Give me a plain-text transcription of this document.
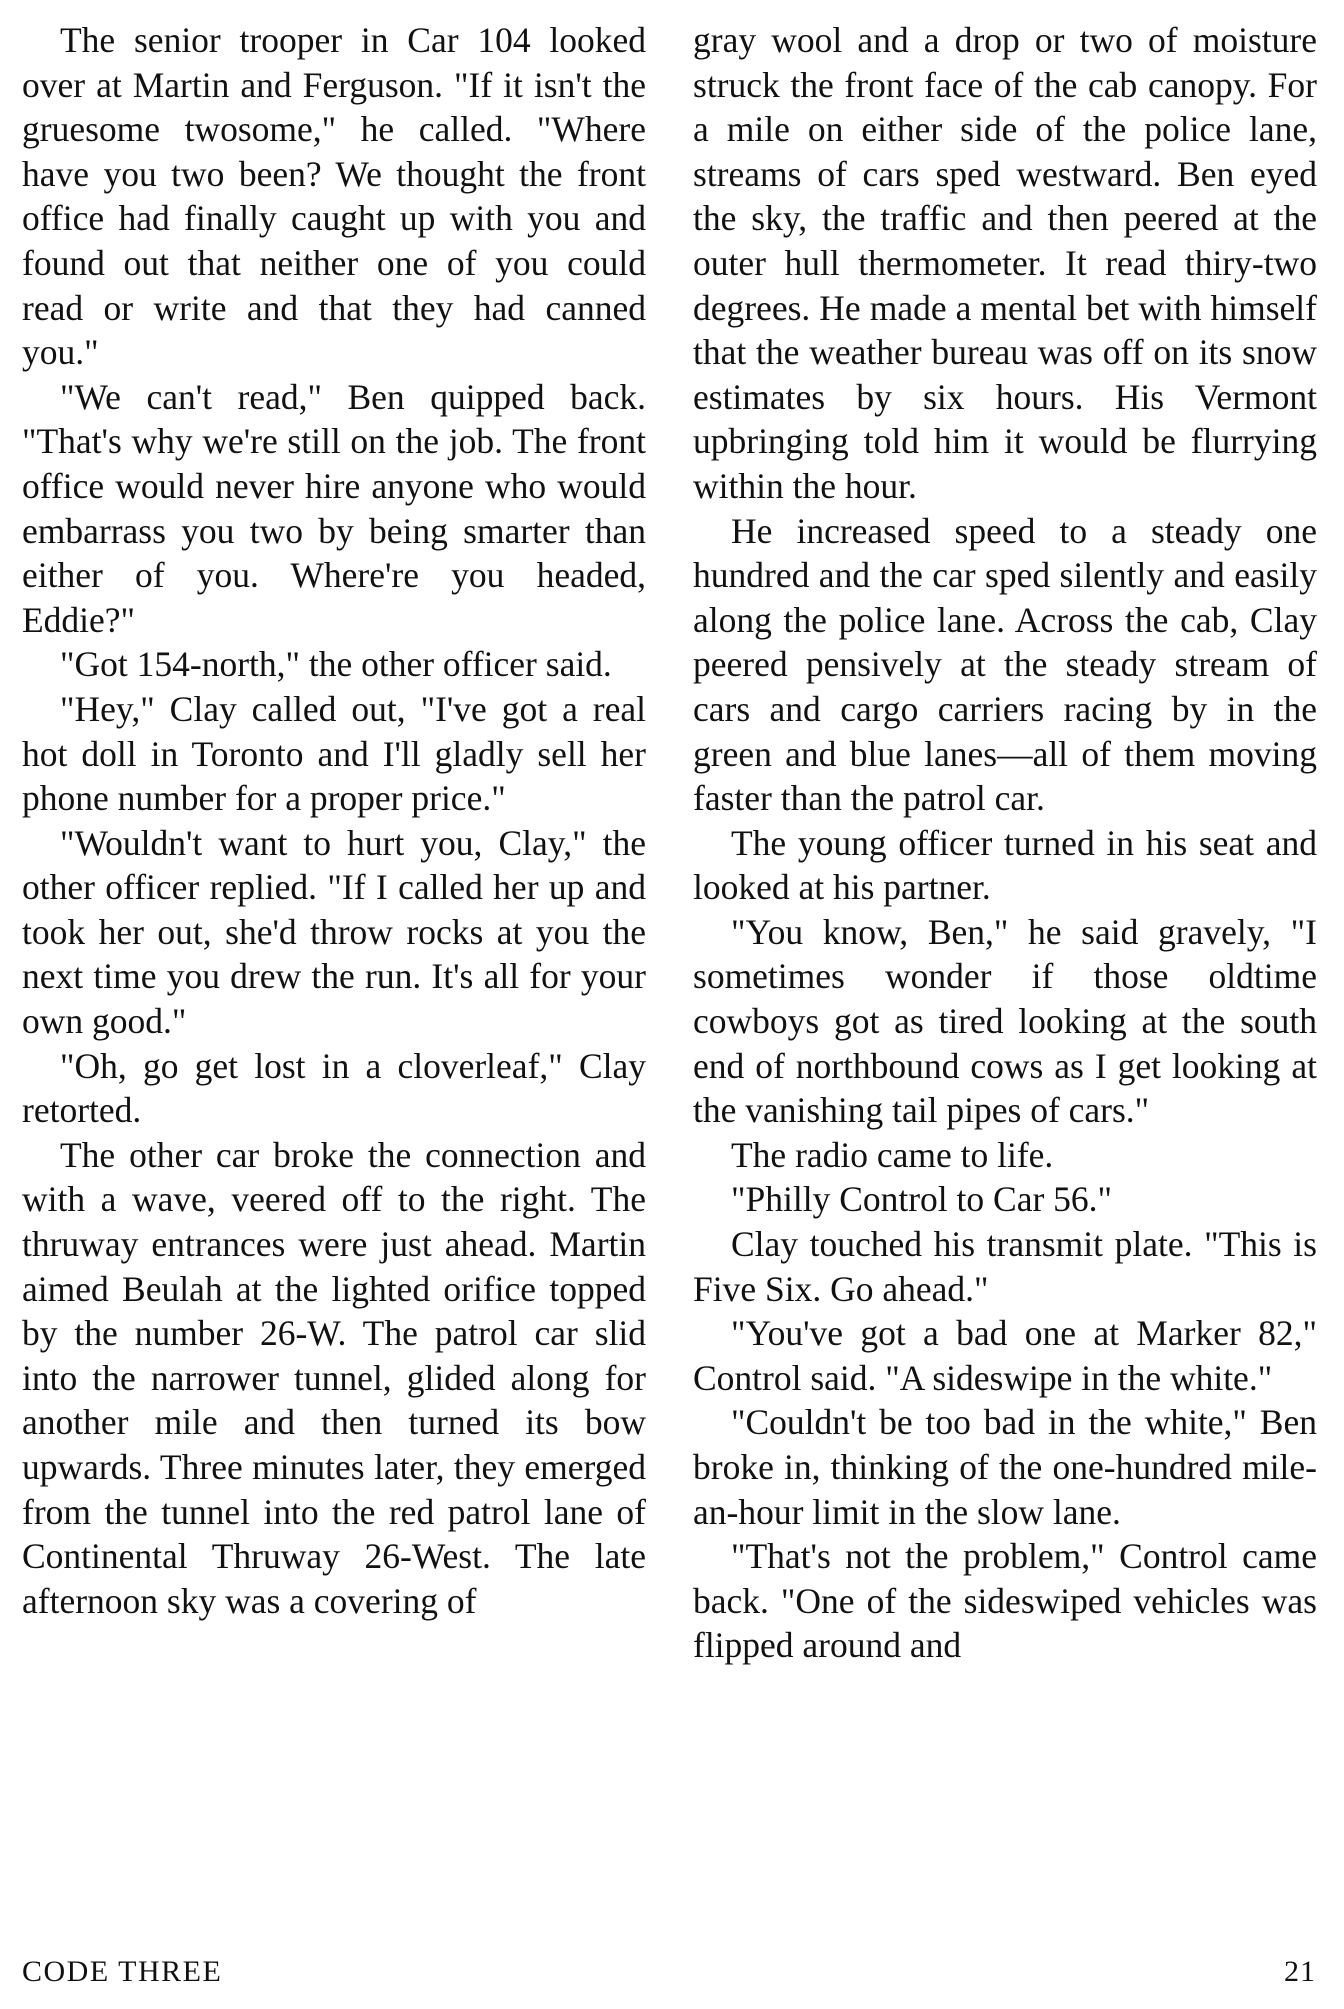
The senior trooper in Car 104 looked over at Martin and Ferguson. "If it isn't the gruesome twosome," he called. "Where have you two been? We thought the front office had finally caught up with you and found out that neither one of you could read or write and that they had canned you."

"We can't read," Ben quipped back. "That's why we're still on the job. The front office would never hire anyone who would embarrass you two by being smarter than either of you. Where're you headed, Eddie?"

"Got 154-north," the other officer said.

"Hey," Clay called out, "I've got a real hot doll in Toronto and I'll gladly sell her phone number for a proper price."

"Wouldn't want to hurt you, Clay," the other officer replied. "If I called her up and took her out, she'd throw rocks at you the next time you drew the run. It's all for your own good."

"Oh, go get lost in a cloverleaf," Clay retorted.

The other car broke the connection and with a wave, veered off to the right. The thruway entrances were just ahead. Martin aimed Beulah at the lighted orifice topped by the number 26-W. The patrol car slid into the narrower tunnel, glided along for another mile and then turned its bow upwards. Three minutes later, they emerged from the tunnel into the red patrol lane of Continental Thruway 26-West. The late afternoon sky was a covering of

gray wool and a drop or two of moisture struck the front face of the cab canopy. For a mile on either side of the police lane, streams of cars sped westward. Ben eyed the sky, the traffic and then peered at the outer hull thermometer. It read thiry-two degrees. He made a mental bet with himself that the weather bureau was off on its snow estimates by six hours. His Vermont upbringing told him it would be flurrying within the hour.

He increased speed to a steady one hundred and the car sped silently and easily along the police lane. Across the cab, Clay peered pensively at the steady stream of cars and cargo carriers racing by in the green and blue lanes—all of them moving faster than the patrol car.

The young officer turned in his seat and looked at his partner.

"You know, Ben," he said gravely, "I sometimes wonder if those oldtime cowboys got as tired looking at the south end of northbound cows as I get looking at the vanishing tail pipes of cars."

The radio came to life.

"Philly Control to Car 56."

Clay touched his transmit plate. "This is Five Six. Go ahead."

"You've got a bad one at Marker 82," Control said. "A sideswipe in the white."

"Couldn't be too bad in the white," Ben broke in, thinking of the one-hundred mile-an-hour limit in the slow lane.

"That's not the problem," Control came back. "One of the sideswiped vehicles was flipped around and

CODE THREE	21
